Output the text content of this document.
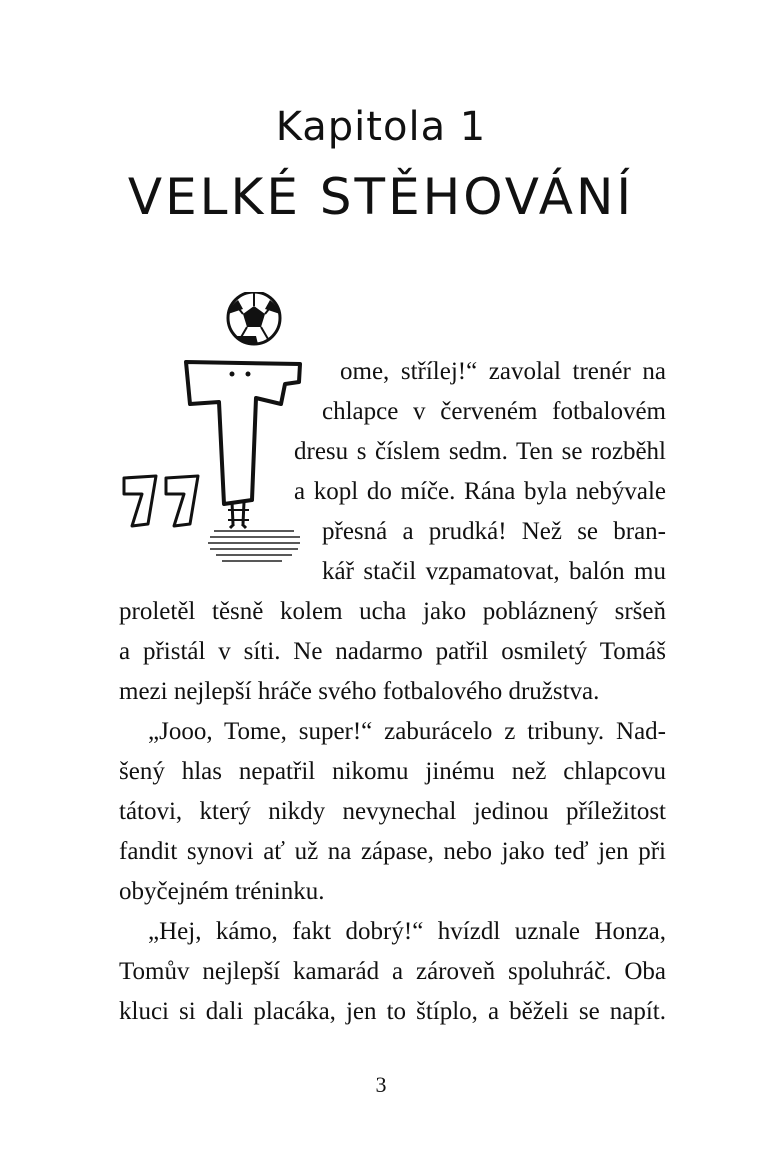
Kapitola 1
VELKÉ STĚHOVÁNÍ

ome, střílej!“ zavolal trenér na

chlapce v červeném fotbalovém

dresu s číslem sedm. Ten se rozběhl

a kopl do míče. Rána byla nebývale

přesná a prudká! Než se bran-

kář stačil vzpamatovat, balón mu

proletěl těsně kolem ucha jako pobláznený sršeň

a přistál v síti. Ne nadarmo patřil osmiletý Tomáš

mezi nejlepší hráče svého fotbalového družstva.

„Jooo, Tome, super!“ zaburácelo z tribuny. Nad-

šený hlas nepatřil nikomu jinému než chlapcovu

tátovi, který nikdy nevynechal jedinou příležitost

fandit synovi ať už na zápase, nebo jako teď jen při

obyčejném tréninku.

„Hej, kámo, fakt dobrý!“ hvízdl uznale Honza,

Tomův nejlepší kamarád a zároveň spoluhráč. Oba

kluci si dali placáka, jen to štíplo, a běželi se napít.

3
